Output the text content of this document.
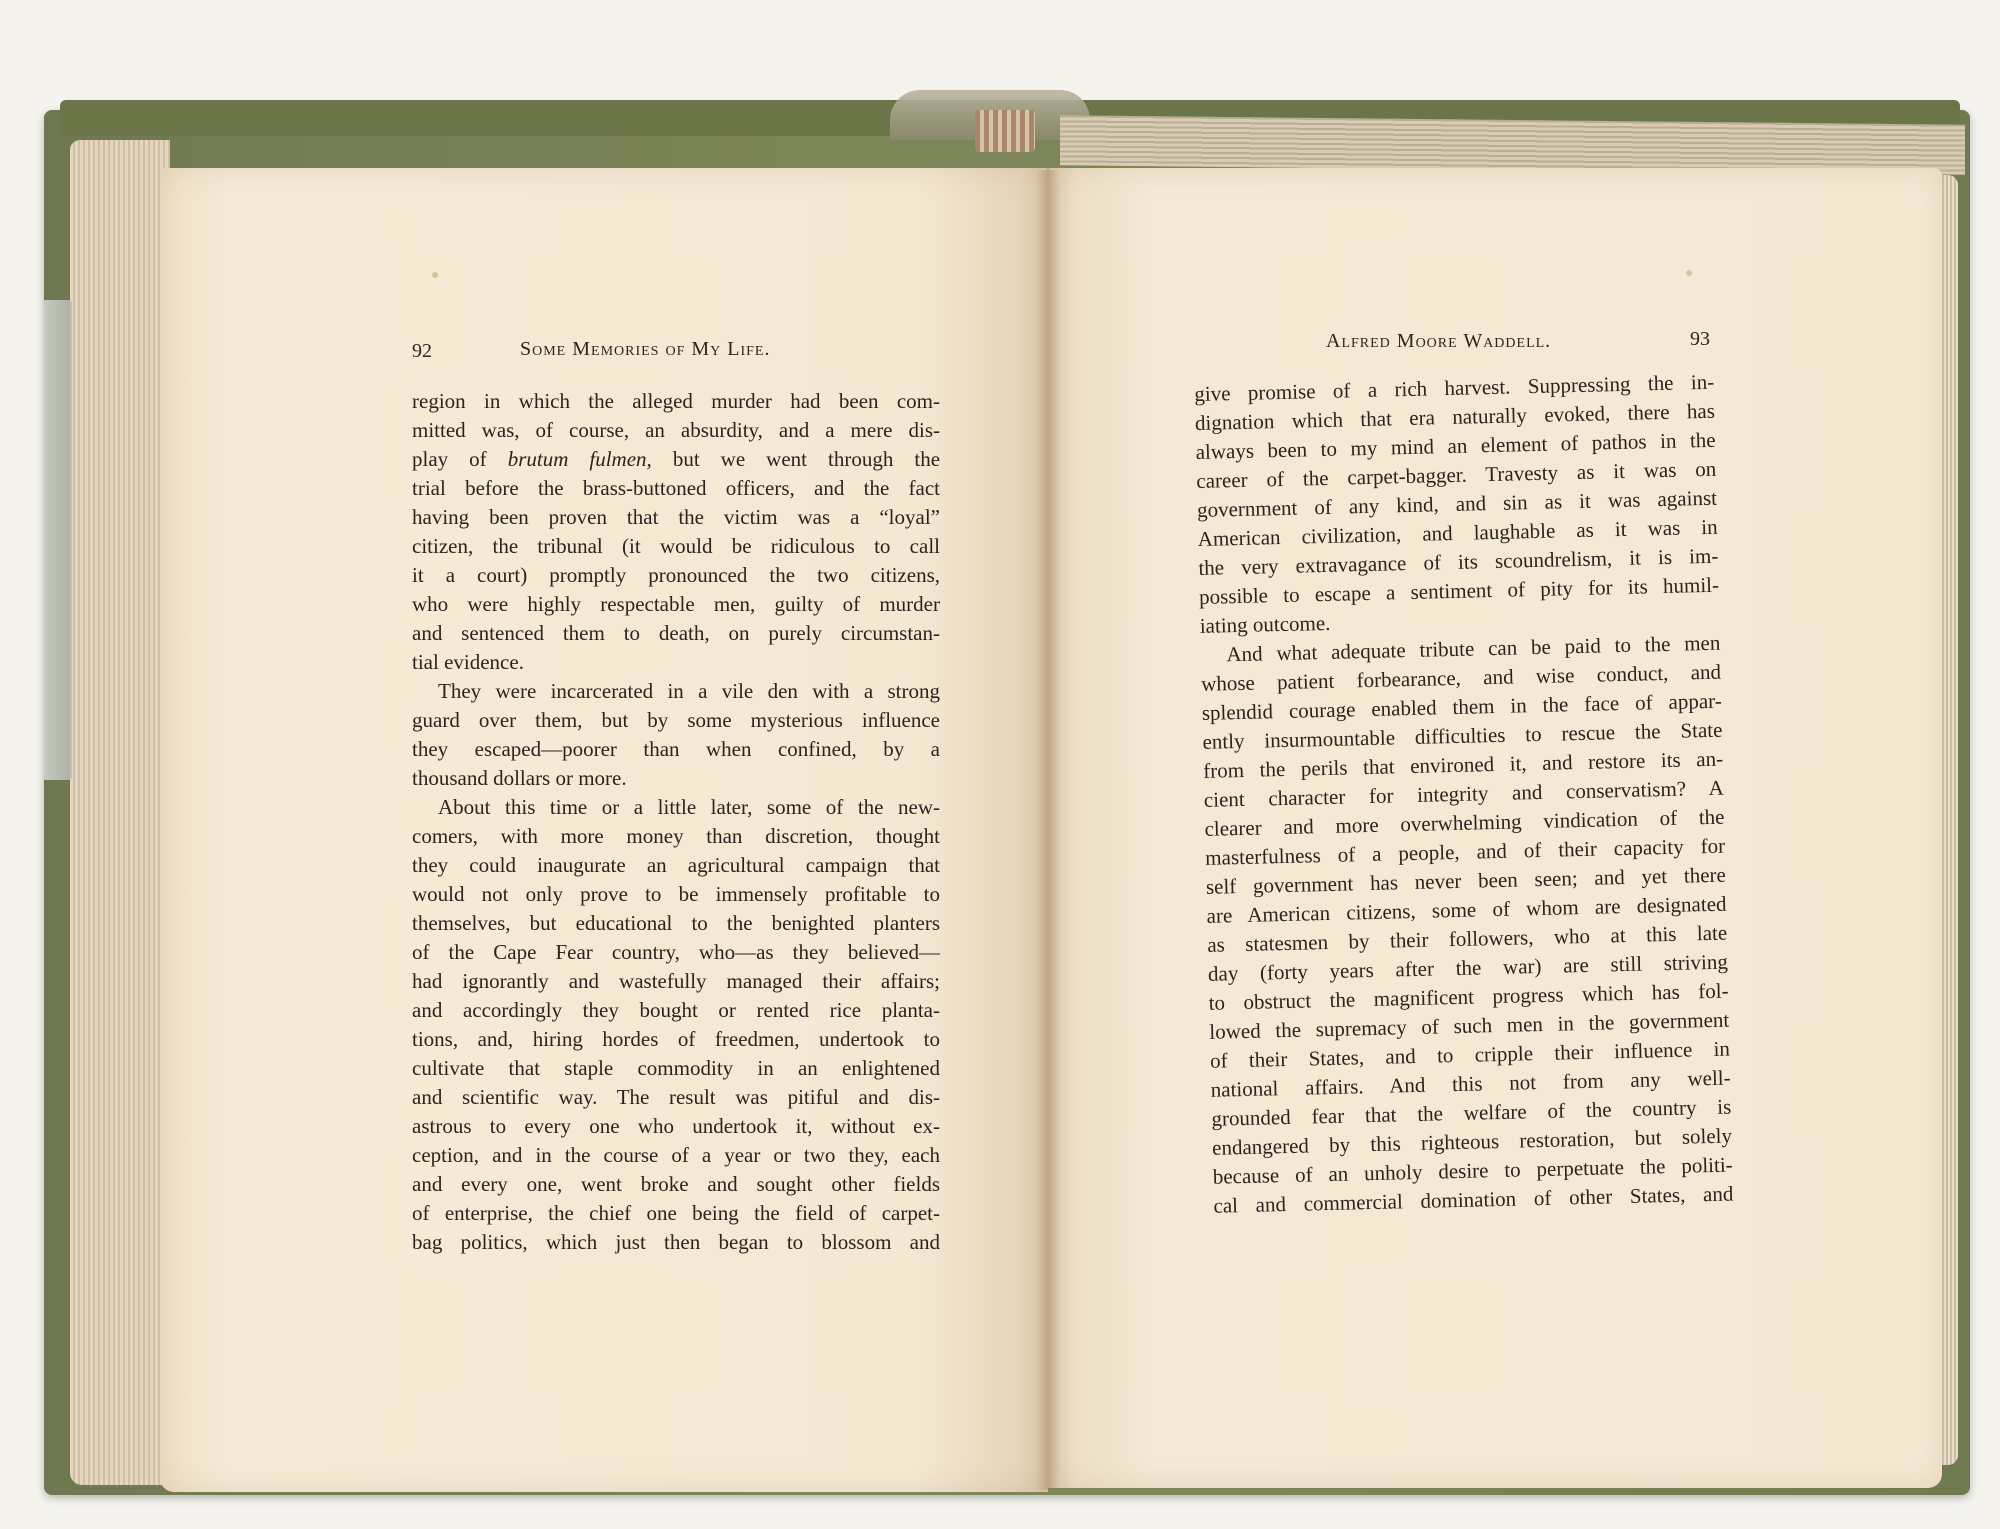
92	Some Memories of My Life.	Alfred Moore Waddell.	93
region in which the alleged murder had been com-
mitted was, of course, an absurdity, and a mere dis-
play of brutum fulmen, but we went through the
trial before the brass-buttoned officers, and the fact
having been proven that the victim was a “loyal”
citizen, the tribunal (it would be ridiculous to call
it a court) promptly pronounced the two citizens,
who were highly respectable men, guilty of murder
and sentenced them to death, on purely circumstan-
tial evidence.
They were incarcerated in a vile den with a strong
guard over them, but by some mysterious influence
they escaped—poorer than when confined, by a
thousand dollars or more.
About this time or a little later, some of the new-
comers, with more money than discretion, thought
they could inaugurate an agricultural campaign that
would not only prove to be immensely profitable to
themselves, but educational to the benighted planters
of the Cape Fear country, who—as they believed—
had ignorantly and wastefully managed their affairs;
and accordingly they bought or rented rice planta-
tions, and, hiring hordes of freedmen, undertook to
cultivate that staple commodity in an enlightened
and scientific way. The result was pitiful and dis-
astrous to every one who undertook it, without ex-
ception, and in the course of a year or two they, each
and every one, went broke and sought other fields
of enterprise, the chief one being the field of carpet-
bag politics, which just then began to blossom and
give promise of a rich harvest. Suppressing the in-
dignation which that era naturally evoked, there has
always been to my mind an element of pathos in the
career of the carpet-bagger. Travesty as it was on
government of any kind, and sin as it was against
American civilization, and laughable as it was in
the very extravagance of its scoundrelism, it is im-
possible to escape a sentiment of pity for its humil-
iating outcome.
And what adequate tribute can be paid to the men
whose patient forbearance, and wise conduct, and
splendid courage enabled them in the face of appar-
ently insurmountable difficulties to rescue the State
from the perils that environed it, and restore its an-
cient character for integrity and conservatism? A
clearer and more overwhelming vindication of the
masterfulness of a people, and of their capacity for
self government has never been seen; and yet there
are American citizens, some of whom are designated
as statesmen by their followers, who at this late
day (forty years after the war) are still striving
to obstruct the magnificent progress which has fol-
lowed the supremacy of such men in the government
of their States, and to cripple their influence in
national affairs. And this not from any well-
grounded fear that the welfare of the country is
endangered by this righteous restoration, but solely
because of an unholy desire to perpetuate the politi-
cal and commercial domination of other States, and
